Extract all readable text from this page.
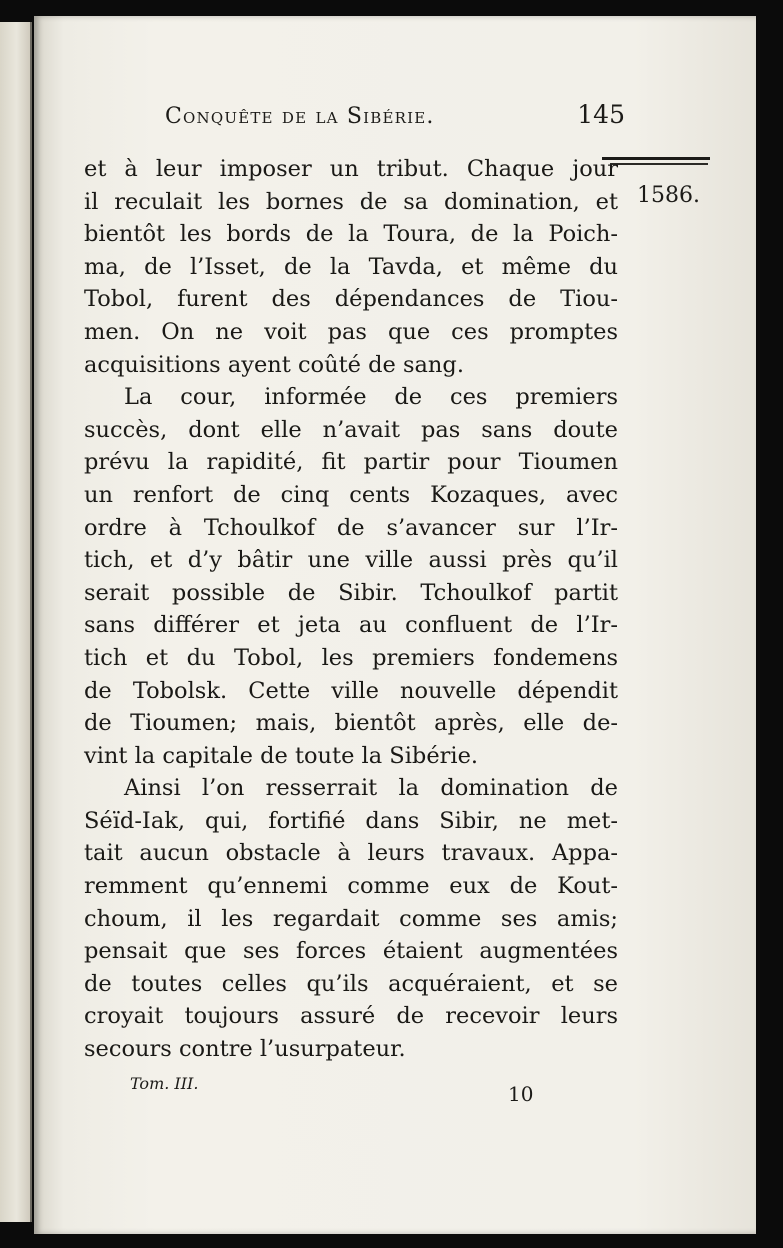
Conquête de la Sibérie.	145
1586.
et à leur imposer un tribut. Chaque jour
il reculait les bornes de sa domination, et
bientôt les bords de la Toura, de la Poich-
ma, de l’Isset, de la Tavda, et même du
Tobol, furent des dépendances de Tiou-
men. On ne voit pas que ces promptes
acquisitions ayent coûté de sang.
La cour, informée de ces premiers
succès, dont elle n’avait pas sans doute
prévu la rapidité, fit partir pour Tioumen
un renfort de cinq cents Kozaques, avec
ordre à Tchoulkof de s’avancer sur l’Ir-
tich, et d’y bâtir une ville aussi près qu’il
serait possible de Sibir. Tchoulkof partit
sans différer et jeta au confluent de l’Ir-
tich et du Tobol, les premiers fondemens
de Tobolsk. Cette ville nouvelle dépendit
de Tioumen; mais, bientôt après, elle de-
vint la capitale de toute la Sibérie.
Ainsi l’on resserrait la domination de
Séïd-Iak, qui, fortifié dans Sibir, ne met-
tait aucun obstacle à leurs travaux. Appa-
remment qu’ennemi comme eux de Kout-
choum, il les regardait comme ses amis;
pensait que ses forces étaient augmentées
de toutes celles qu’ils acquéraient, et se
croyait toujours assuré de recevoir leurs
secours contre l’usurpateur.
Tom. III.	10
